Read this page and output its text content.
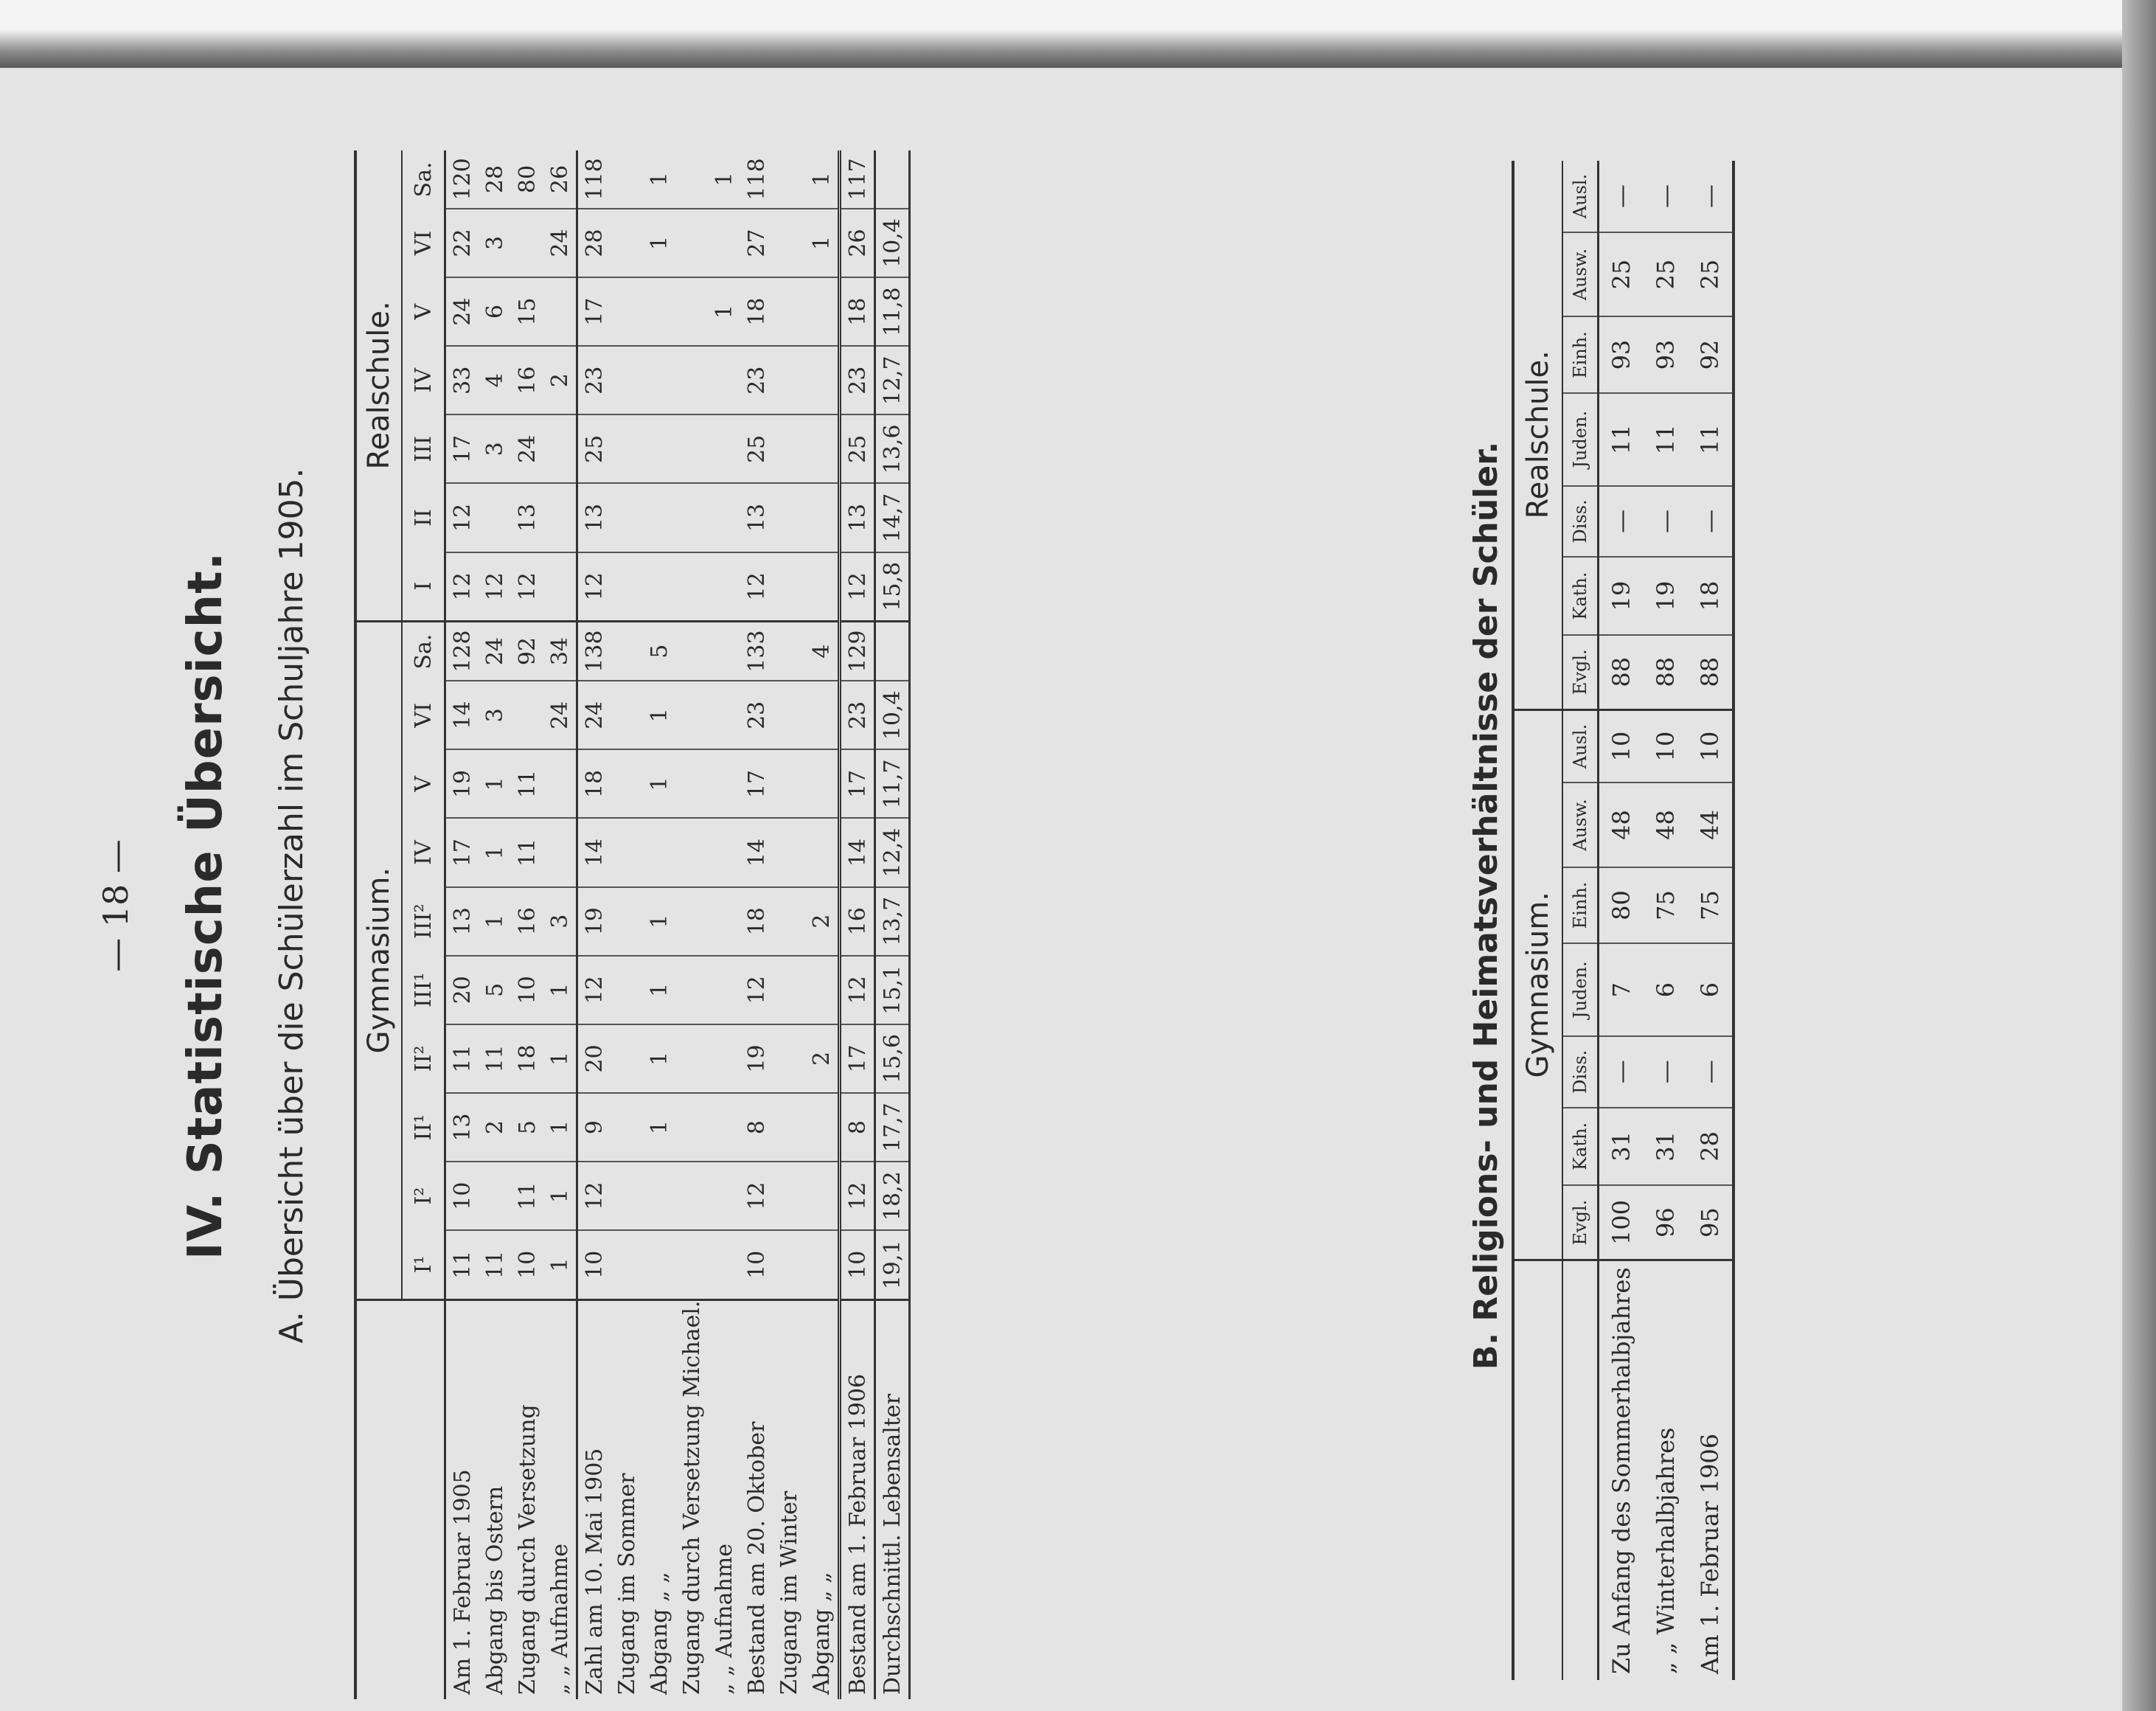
— 18 — IV. Statistische Übersicht. A. Übersicht über die Schülerzahl im Schuljahre 1905.
	Gymnasium.										Realschule.						
	I¹	I²	II¹	II²	III¹	III²	IV	V	VI	Sa.	I	II	III	IV	V	VI	Sa.
Am 1. Februar 1905	11	10	13	11	20	13	17	19	14	128	12	12	17	33	24	22	120
Abgang bis Ostern	11		2	11	5	1	1	1	3	24	12		3	4	6	3	28
Zugang durch Versetzung	10	11	5	18	10	16	11	11		92	12	13	24	16	15		80
„ „ Aufnahme	1	1	1	1	1	3			24	34				2		24	26
Zahl am 10. Mai 1905	10	12	9	20	12	19	14	18	24	138	12	13	25	23	17	28	118
Zugang im Sommer																	
Abgang „ „			1	1	1	1		1	1	5						1	1
Zugang durch Versetzung Michael.																	
„ „ Aufnahme															1		1
Bestand am 20. Oktober	10	12	8	19	12	18	14	17	23	133	12	13	25	23	18	27	118
Zugang im Winter																	
Abgang „ „				2		2				4						1	1
Bestand am 1. Februar 1906	10	12	8	17	12	16	14	17	23	129	12	13	25	23	18	26	117
Durchschnittl. Lebensalter	19,1	18,2	17,7	15,6	15,1	13,7	12,4	11,7	10,4		15,8	14,7	13,6	12,7	11,8	10,4	
B. Religions- und Heimatsverhältnisse der Schüler.
	Gymnasium.							Realschule.						
	Evgl.	Kath.	Diss.	Juden.	Einh.	Ausw.	Ausl.	Evgl.	Kath.	Diss.	Juden.	Einh.	Ausw.	Ausl.
Zu Anfang des Sommerhalbjahres	100	31	—	7	80	48	10	88	19	—	11	93	25	—
„ „ Winterhalbjahres	96	31	—	6	75	48	10	88	19	—	11	93	25	—
Am 1. Februar 1906	95	28	—	6	75	44	10	88	18	—	11	92	25	—
